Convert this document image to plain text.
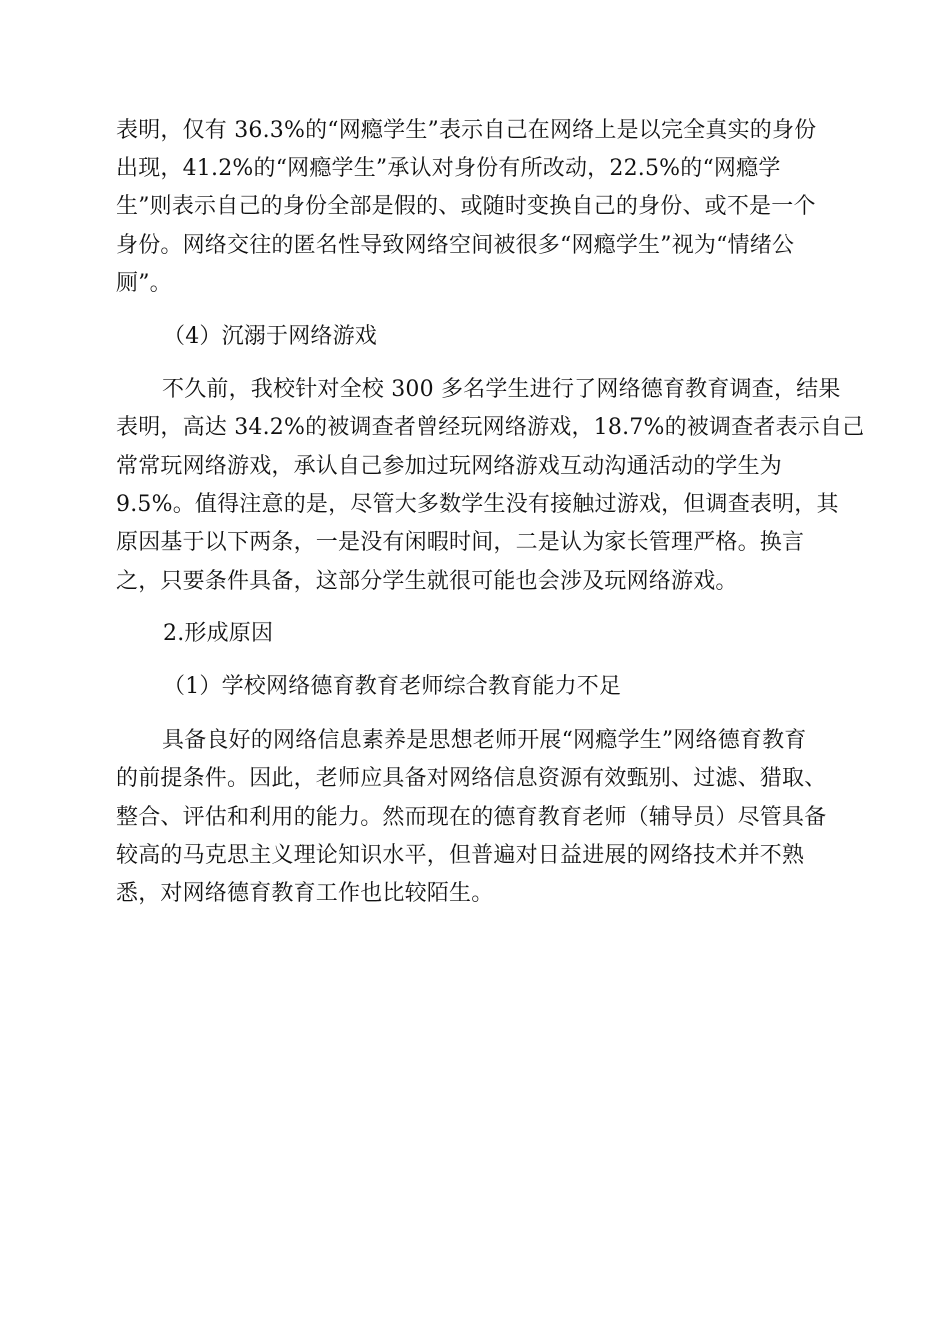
表明，仅有 36.3%的“网瘾学生”表示自己在网络上是以完全真实的身份
出现，41.2%的“网瘾学生”承认对身份有所改动，22.5%的“网瘾学
生”则表示自己的身份全部是假的、或随时变换自己的身份、或不是一个
身份。网络交往的匿名性导致网络空间被很多“网瘾学生”视为“情绪公
厕”。
（4）沉溺于网络游戏
不久前，我校针对全校 300 多名学生进行了网络德育教育调查，结果
表明，高达 34.2%的被调查者曾经玩网络游戏，18.7%的被调查者表示自己
常常玩网络游戏，承认自己参加过玩网络游戏互动沟通活动的学生为
9.5%。值得注意的是，尽管大多数学生没有接触过游戏，但调查表明，其
原因基于以下两条，一是没有闲暇时间，二是认为家长管理严格。换言
之，只要条件具备，这部分学生就很可能也会涉及玩网络游戏。
2.形成原因
（1）学校网络德育教育老师综合教育能力不足
具备良好的网络信息素养是思想老师开展“网瘾学生”网络德育教育
的前提条件。因此，老师应具备对网络信息资源有效甄别、过滤、猎取、
整合、评估和利用的能力。然而现在的德育教育老师（辅导员）尽管具备
较高的马克思主义理论知识水平，但普遍对日益进展的网络技术并不熟
悉，对网络德育教育工作也比较陌生。
